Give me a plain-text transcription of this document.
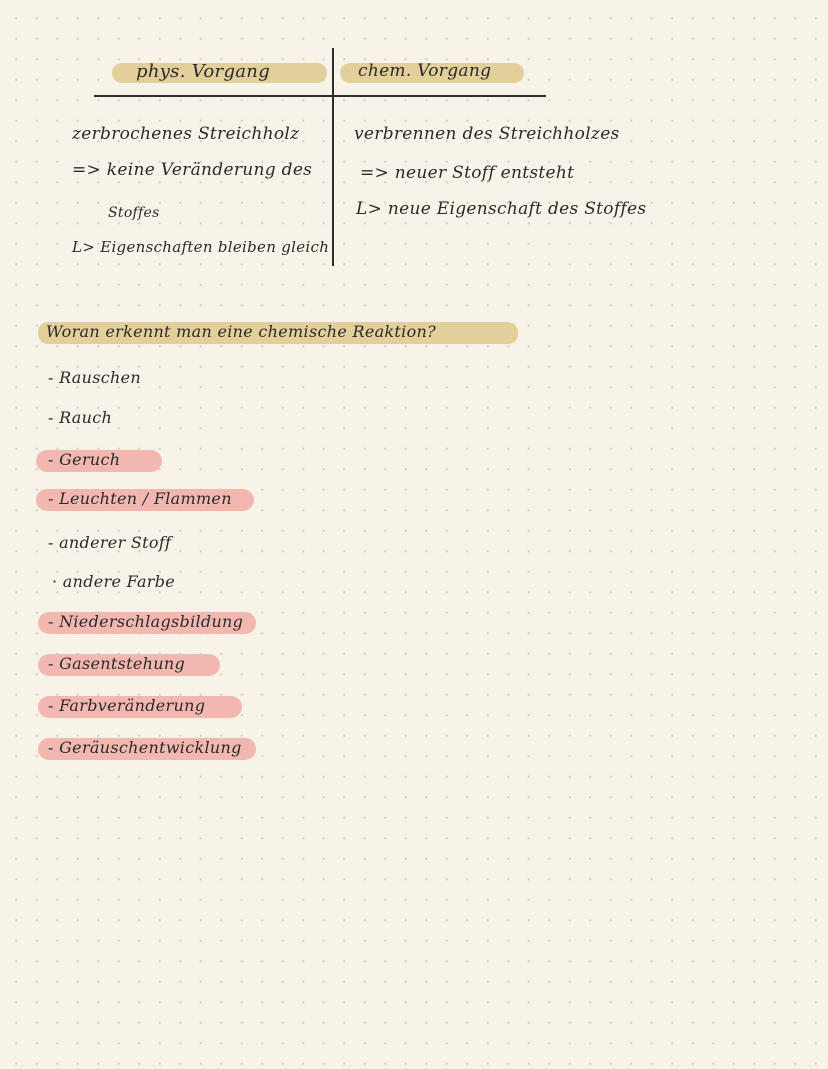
phys. Vorgang	chem. Vorgang
zerbrochenes Streichholz
=> keine Veränderung des
Stoffes
L> Eigenschaften bleiben gleich
verbrennen des Streichholzes
=> neuer Stoff entsteht
L> neue Eigenschaft des Stoffes
Woran erkennt man eine chemische Reaktion?
- Rauschen
- Rauch
- Geruch
- Leuchten / Flammen
- anderer Stoff
· andere Farbe
- Niederschlagsbildung
- Gasentstehung
- Farbveränderung
- Geräuschentwicklung
